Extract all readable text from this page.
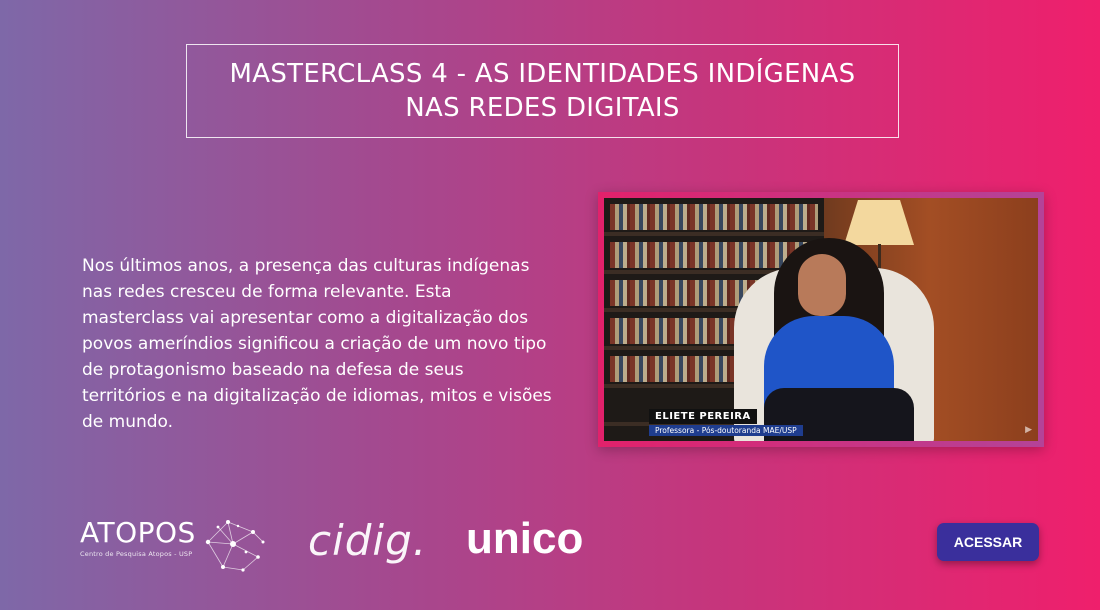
MASTERCLASS 4 - AS IDENTIDADES INDÍGENAS
NAS REDES DIGITAIS

Nos últimos anos, a presença das culturas indígenas nas redes cresceu de forma relevante. Esta masterclass vai apresentar como a digitalização dos povos ameríndios significou a criação de um novo tipo de protagonismo baseado na defesa de seus territórios e na digitalização de idiomas, mitos e visões de mundo.	ELIETE PEREIRA
Professora - Pós-doutoranda MAE/USP	▶
ATOPOS
Centro de Pesquisa Atopos - USP	cidig. unico	ACESSAR
